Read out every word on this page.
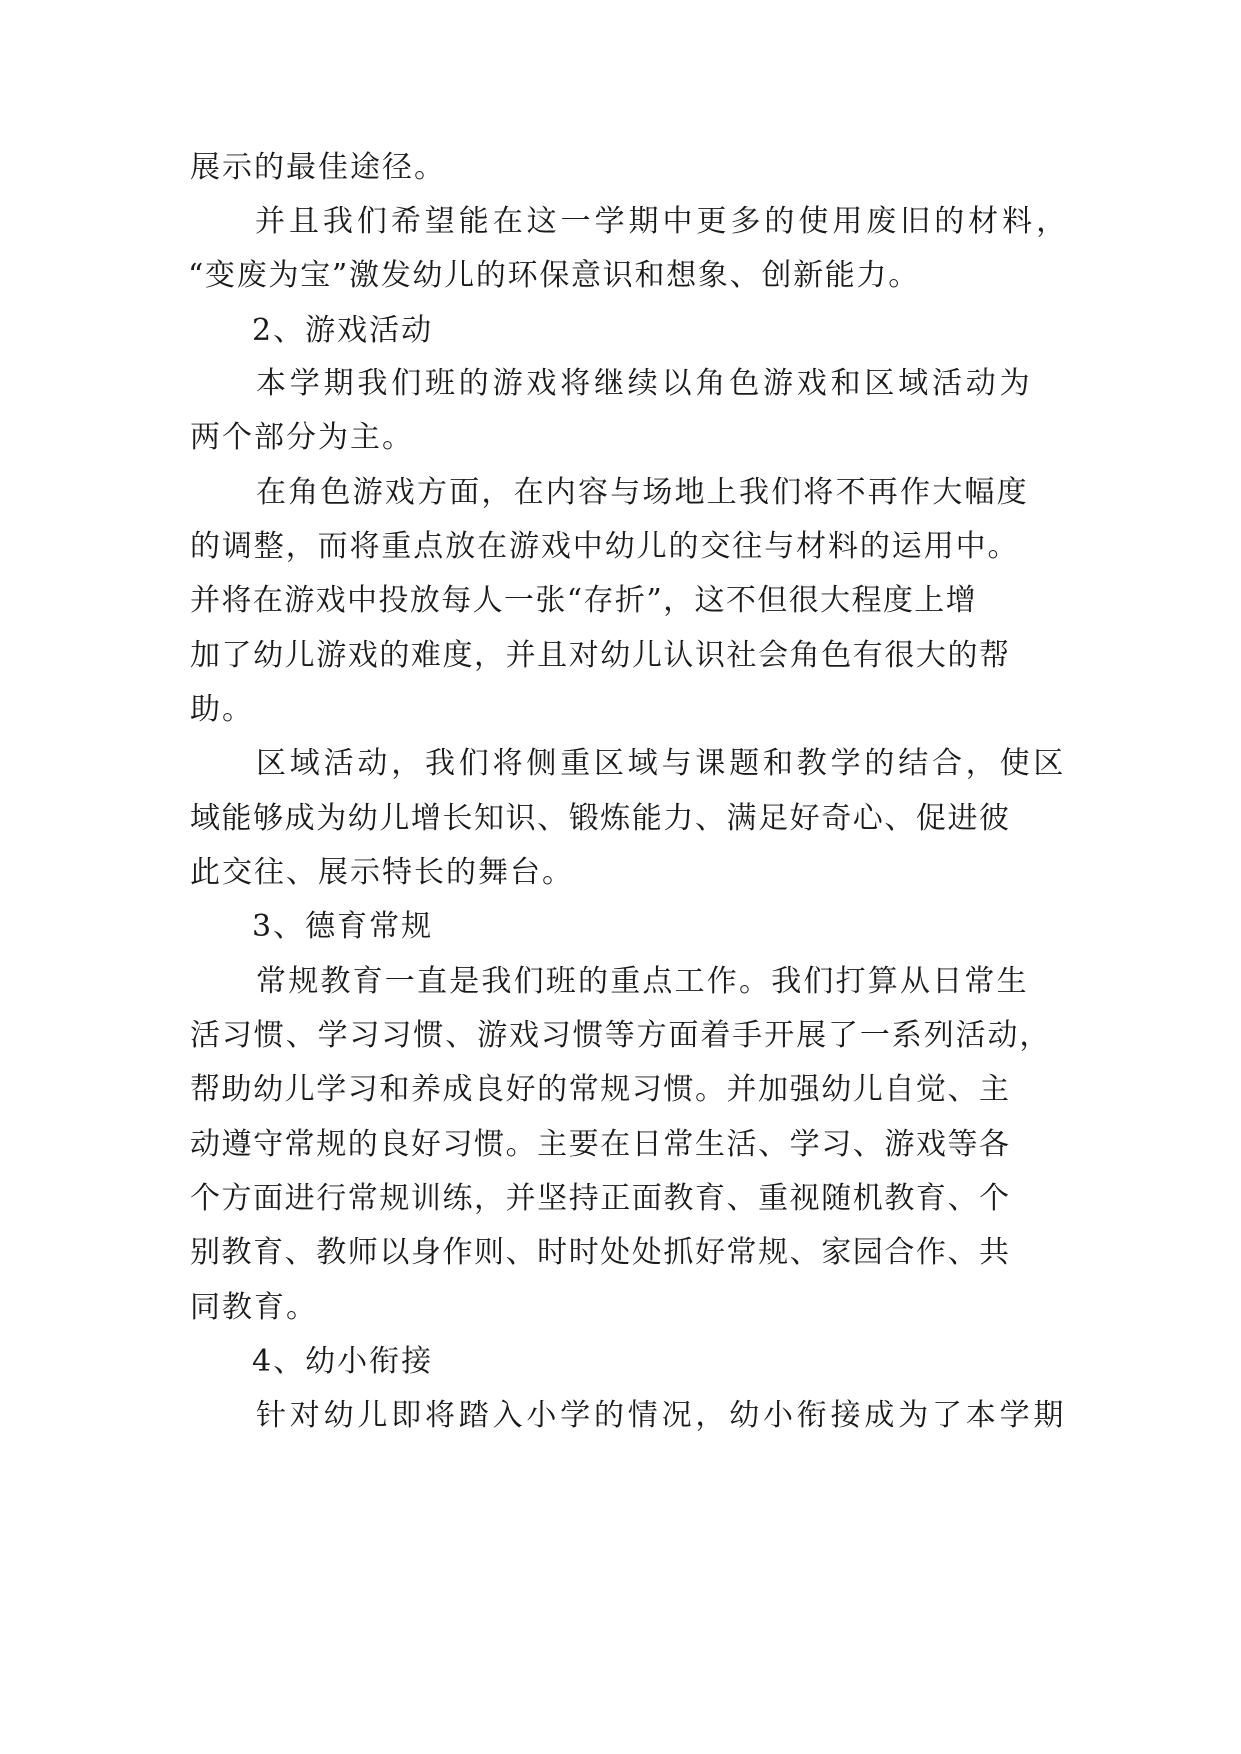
展示的最佳途径。
并且我们希望能在这一学期中更多的使用废旧的材料，
“变废为宝”激发幼儿的环保意识和想象、创新能力。
2、游戏活动
本学期我们班的游戏将继续以角色游戏和区域活动为
两个部分为主。
在角色游戏方面，在内容与场地上我们将不再作大幅度
的调整，而将重点放在游戏中幼儿的交往与材料的运用中。
并将在游戏中投放每人一张“存折”，这不但很大程度上增
加了幼儿游戏的难度，并且对幼儿认识社会角色有很大的帮
助。
区域活动，我们将侧重区域与课题和教学的结合，使区
域能够成为幼儿增长知识、锻炼能力、满足好奇心、促进彼
此交往、展示特长的舞台。
3、德育常规
常规教育一直是我们班的重点工作。我们打算从日常生
活习惯、学习习惯、游戏习惯等方面着手开展了一系列活动，
帮助幼儿学习和养成良好的常规习惯。并加强幼儿自觉、主
动遵守常规的良好习惯。主要在日常生活、学习、游戏等各
个方面进行常规训练，并坚持正面教育、重视随机教育、个
别教育、教师以身作则、时时处处抓好常规、家园合作、共
同教育。
4、幼小衔接
针对幼儿即将踏入小学的情况，幼小衔接成为了本学期
